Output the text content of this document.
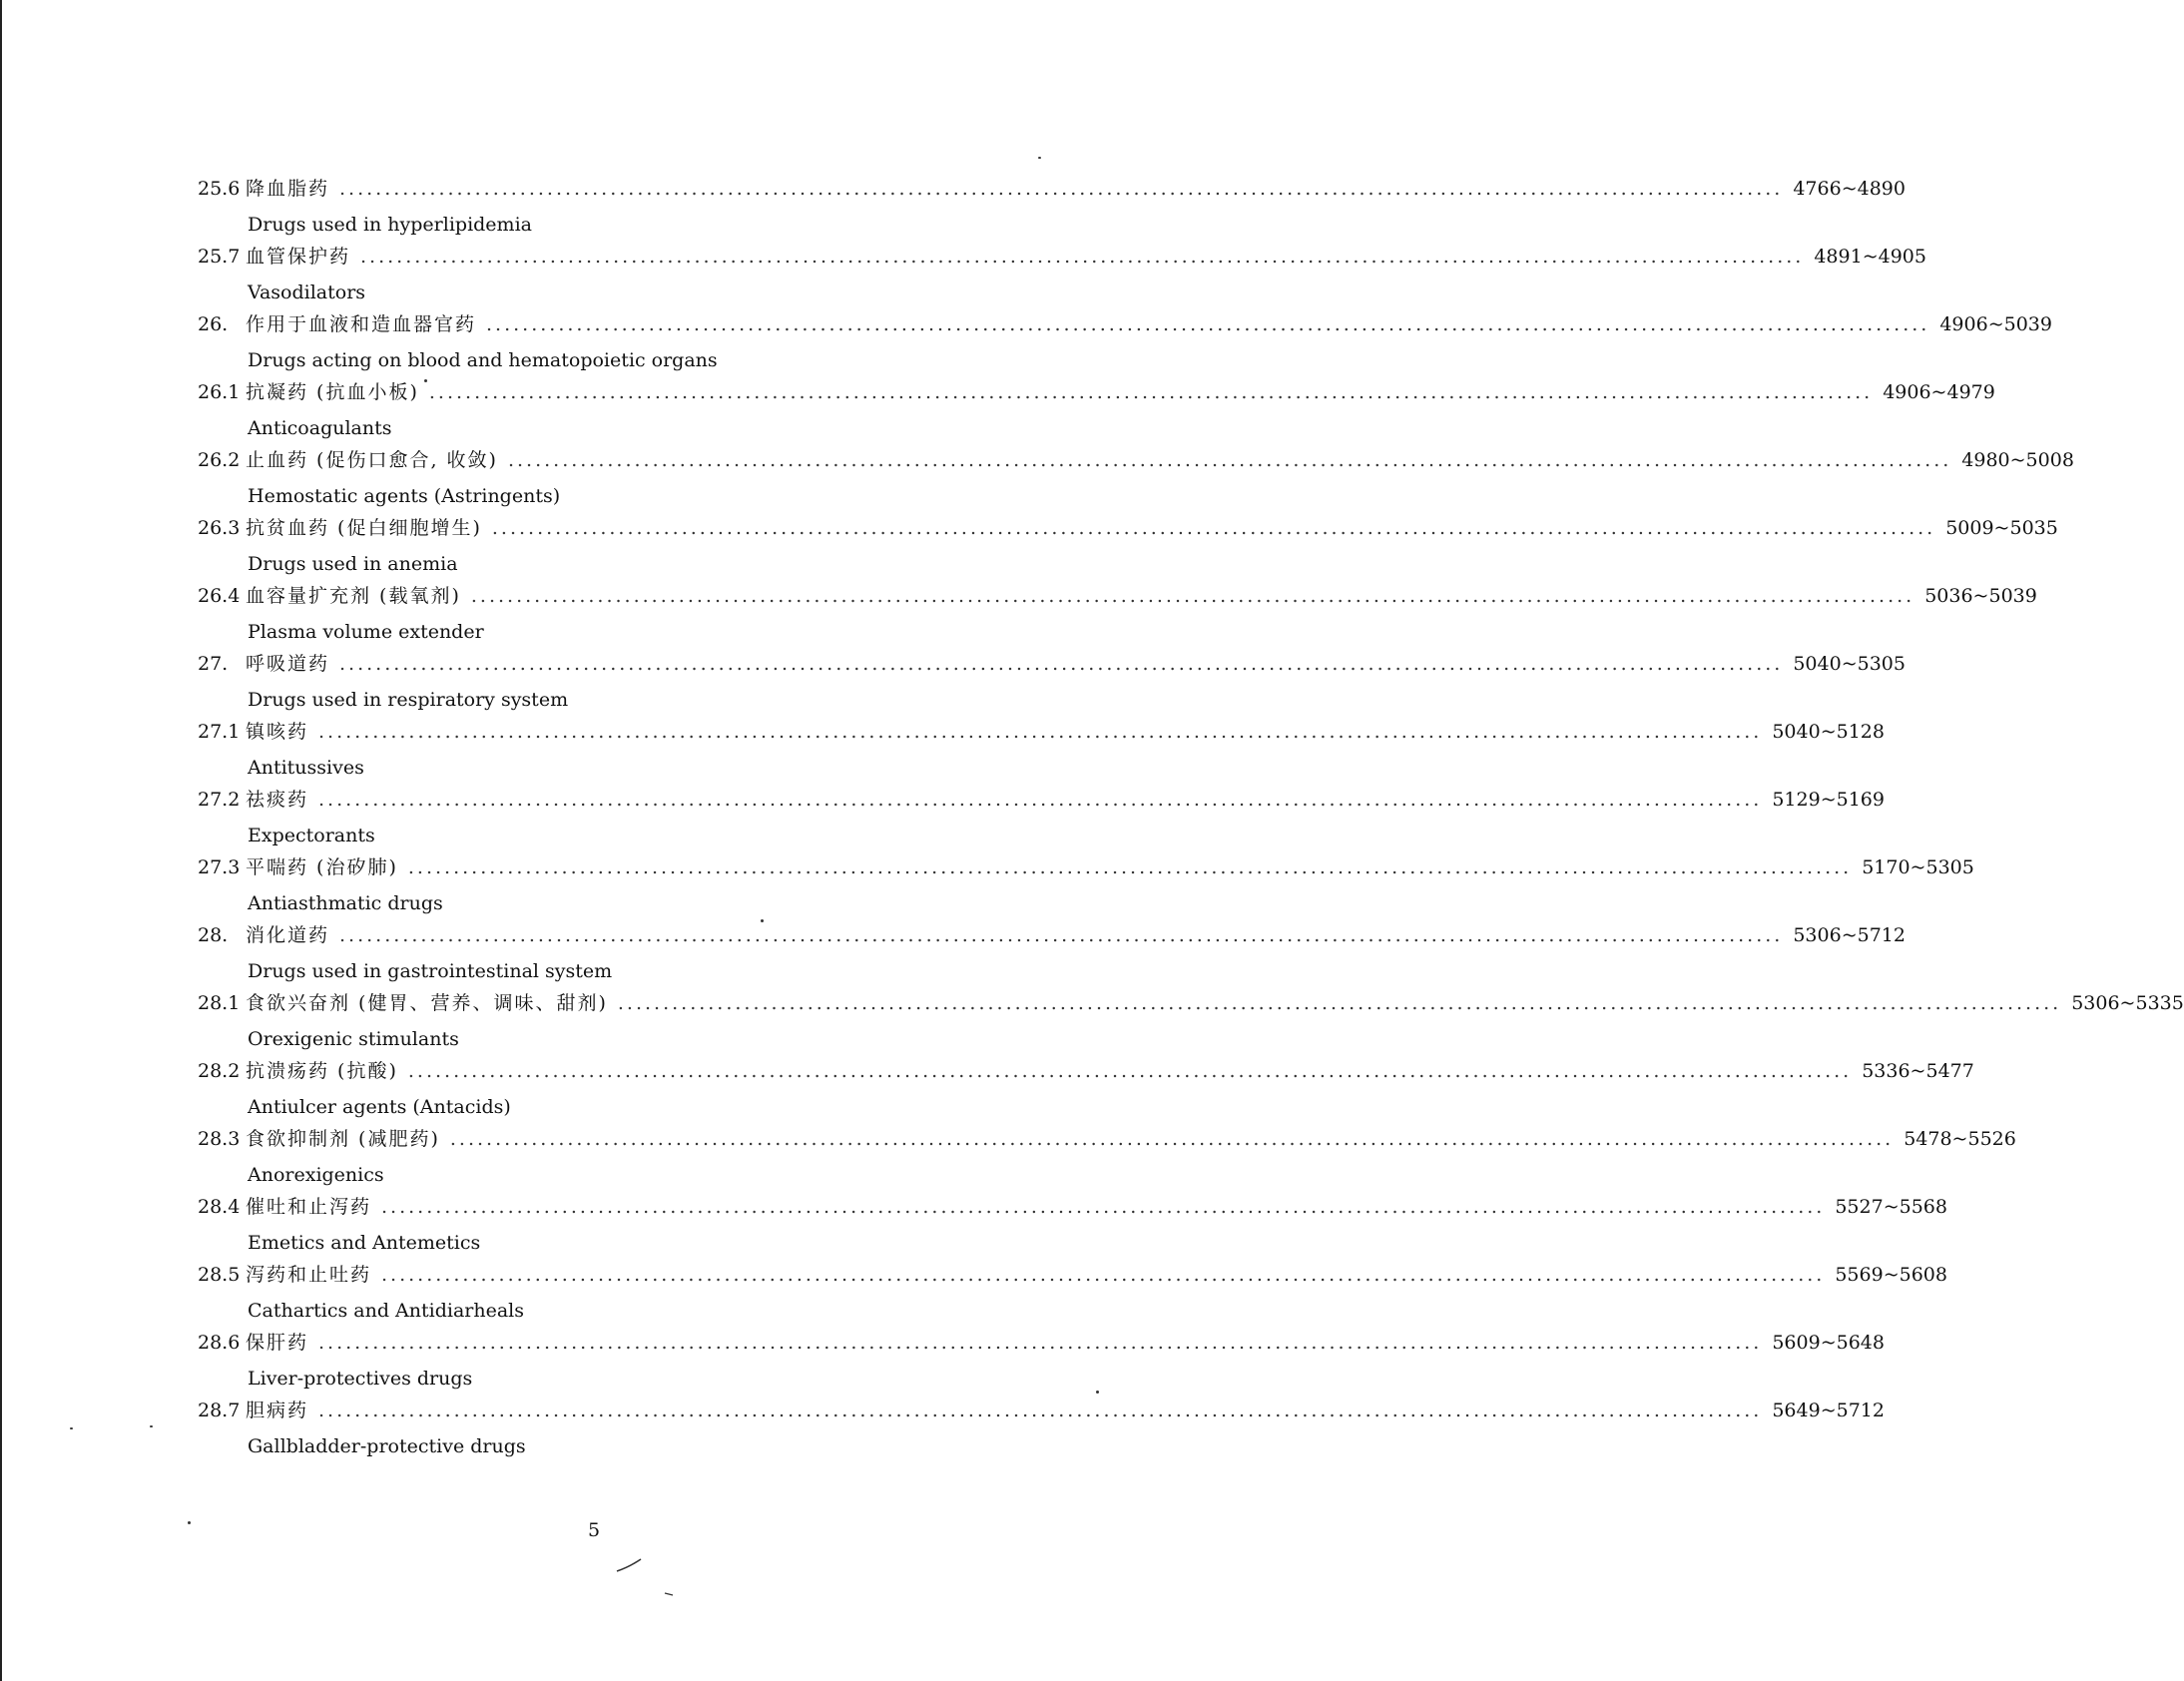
25.6 降血脂药 ................................................................................................................................................................ 4766~4890
Drugs used in hyperlipidemia
25.7 血管保护药 ................................................................................................................................................................ 4891~4905
Vasodilators
26. 作用于血液和造血器官药 ................................................................................................................................................................ 4906~5039
Drugs acting on blood and hematopoietic organs
26.1 抗凝药 (抗血小板) ................................................................................................................................................................ 4906~4979
Anticoagulants
26.2 止血药 (促伤口愈合, 收敛) ................................................................................................................................................................ 4980~5008
Hemostatic agents (Astringents)
26.3 抗贫血药 (促白细胞增生) ................................................................................................................................................................ 5009~5035
Drugs used in anemia
26.4 血容量扩充剂 (载氧剂) ................................................................................................................................................................ 5036~5039
Plasma volume extender
27. 呼吸道药 ................................................................................................................................................................ 5040~5305
Drugs used in respiratory system
27.1 镇咳药 ................................................................................................................................................................ 5040~5128
Antitussives
27.2 祛痰药 ................................................................................................................................................................ 5129~5169
Expectorants
27.3 平喘药 (治矽肺) ................................................................................................................................................................ 5170~5305
Antiasthmatic drugs
28. 消化道药 ................................................................................................................................................................ 5306~5712
Drugs used in gastrointestinal system
28.1 食欲兴奋剂 (健胃、营养、调味、甜剂) ................................................................................................................................................................ 5306~5335
Orexigenic stimulants
28.2 抗溃疡药 (抗酸) ................................................................................................................................................................ 5336~5477
Antiulcer agents (Antacids)
28.3 食欲抑制剂 (减肥药) ................................................................................................................................................................ 5478~5526
Anorexigenics
28.4 催吐和止泻药 ................................................................................................................................................................ 5527~5568
Emetics and Antemetics
28.5 泻药和止吐药 ................................................................................................................................................................ 5569~5608
Cathartics and Antidiarheals
28.6 保肝药 ................................................................................................................................................................ 5609~5648
Liver-protectives drugs
28.7 胆病药 ................................................................................................................................................................ 5649~5712
Gallbladder-protective drugs
5
